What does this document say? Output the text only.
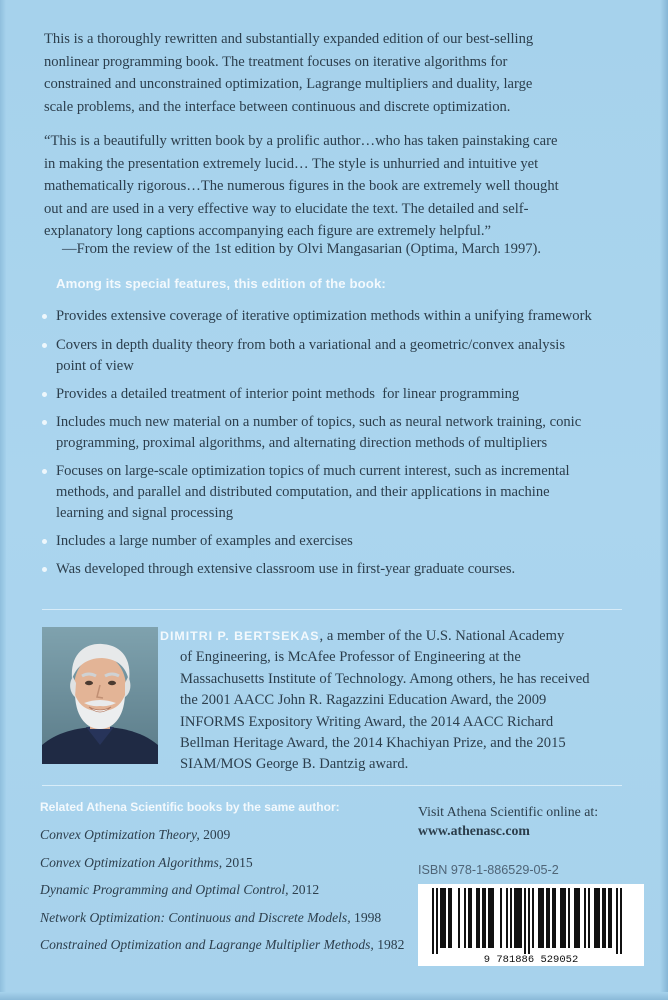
This is a thoroughly rewritten and substantially expanded edition of our best-selling
nonlinear programming book. The treatment focuses on iterative algorithms for
constrained and unconstrained optimization, Lagrange multipliers and duality, large
scale problems, and the interface between continuous and discrete optimization.

“This is a beautifully written book by a prolific author…who has taken painstaking care
in making the presentation extremely lucid… The style is unhurried and intuitive yet
mathematically rigorous…The numerous figures in the book are extremely well thought
out and are used in a very effective way to elucidate the text. The detailed and self-
explanatory long captions accompanying each figure are extremely helpful.”

—From the review of the 1st edition by Olvi Mangasarian (Optima, March 1997).

Among its special features, this edition of the book:
Provides extensive coverage of iterative optimization methods within a unifying framework
Covers in depth duality theory from both a variational and a geometric/convex analysis
point of view
Provides a detailed treatment of interior point methods  for linear programming
Includes much new material on a number of topics, such as neural network training, conic
programming, proximal algorithms, and alternating direction methods of multipliers
Focuses on large-scale optimization topics of much current interest, such as incremental
methods, and parallel and distributed computation, and their applications in machine
learning and signal processing
Includes a large number of examples and exercises
Was developed through extensive classroom use in first-year graduate courses.

DIMITRI P. BERTSEKAS, a member of the U.S. National Academy
of Engineering, is McAfee Professor of Engineering at the
Massachusetts Institute of Technology. Among others, he has received
the 2001 AACC John R. Ragazzini Education Award, the 2009
INFORMS Expository Writing Award, the 2014 AACC Richard
Bellman Heritage Award, the 2014 Khachiyan Prize, and the 2015
SIAM/MOS George B. Dantzig award.

Related Athena Scientific books by the same author:
Convex Optimization Theory, 2009
Convex Optimization Algorithms, 2015
Dynamic Programming and Optimal Control, 2012
Network Optimization: Continuous and Discrete Models, 1998
Constrained Optimization and Lagrange Multiplier Methods, 1982

Visit Athena Scientific online at:
www.athenasc.com

ISBN 978-1-886529-05-2

9 781886 529052
